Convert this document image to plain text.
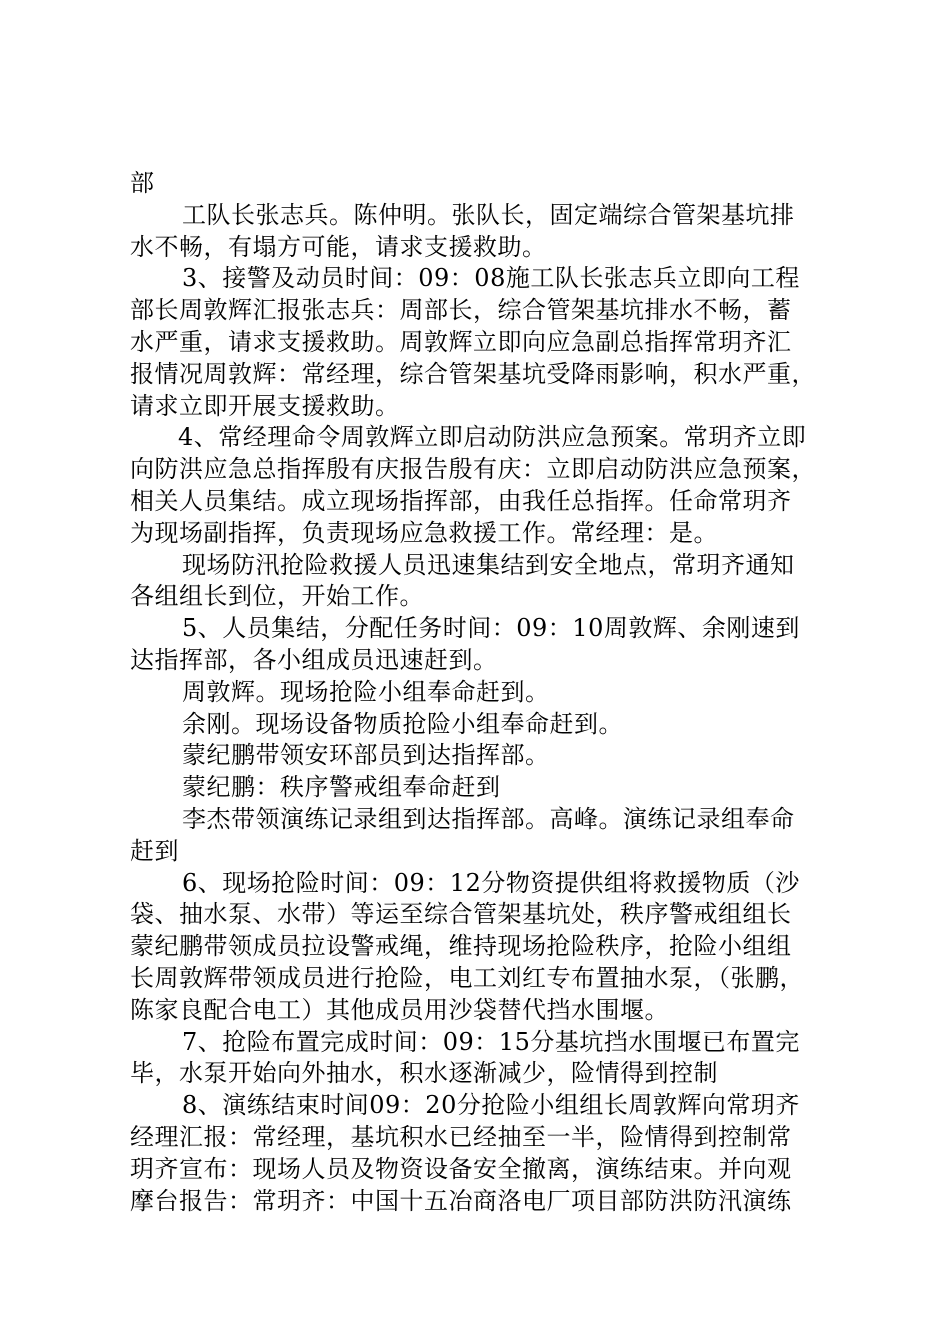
部
工队长张志兵。陈仲明。张队长，固定端综合管架基坑排
水不畅，有塌方可能，请求支援救助。
3、接警及动员时间：09：08施工队长张志兵立即向工程
部长周敦辉汇报张志兵：周部长，综合管架基坑排水不畅，蓄
水严重，请求支援救助。周敦辉立即向应急副总指挥常玥齐汇
报情况周敦辉：常经理，综合管架基坑受降雨影响，积水严重，
请求立即开展支援救助。
4、常经理命令周敦辉立即启动防洪应急预案。常玥齐立即
向防洪应急总指挥殷有庆报告殷有庆：立即启动防洪应急预案，
相关人员集结。成立现场指挥部，由我任总指挥。任命常玥齐
为现场副指挥，负责现场应急救援工作。常经理：是。
现场防汛抢险救援人员迅速集结到安全地点，常玥齐通知
各组组长到位，开始工作。
5、人员集结，分配任务时间：09：10周敦辉、余刚速到
达指挥部，各小组成员迅速赶到。
周敦辉。现场抢险小组奉命赶到。
余刚。现场设备物质抢险小组奉命赶到。
蒙纪鹏带领安环部员到达指挥部。
蒙纪鹏：秩序警戒组奉命赶到
李杰带领演练记录组到达指挥部。高峰。演练记录组奉命
赶到
6、现场抢险时间：09：12分物资提供组将救援物质（沙
袋、抽水泵、水带）等运至综合管架基坑处，秩序警戒组组长
蒙纪鹏带领成员拉设警戒绳，维持现场抢险秩序，抢险小组组
长周敦辉带领成员进行抢险，电工刘红专布置抽水泵，（张鹏，
陈家良配合电工）其他成员用沙袋替代挡水围堰。
7、抢险布置完成时间：09：15分基坑挡水围堰已布置完
毕，水泵开始向外抽水，积水逐渐减少，险情得到控制
8、演练结束时间09：20分抢险小组组长周敦辉向常玥齐
经理汇报：常经理，基坑积水已经抽至一半，险情得到控制常
玥齐宣布：现场人员及物资设备安全撤离，演练结束。并向观
摩台报告：常玥齐：中国十五冶商洛电厂项目部防洪防汛演练
